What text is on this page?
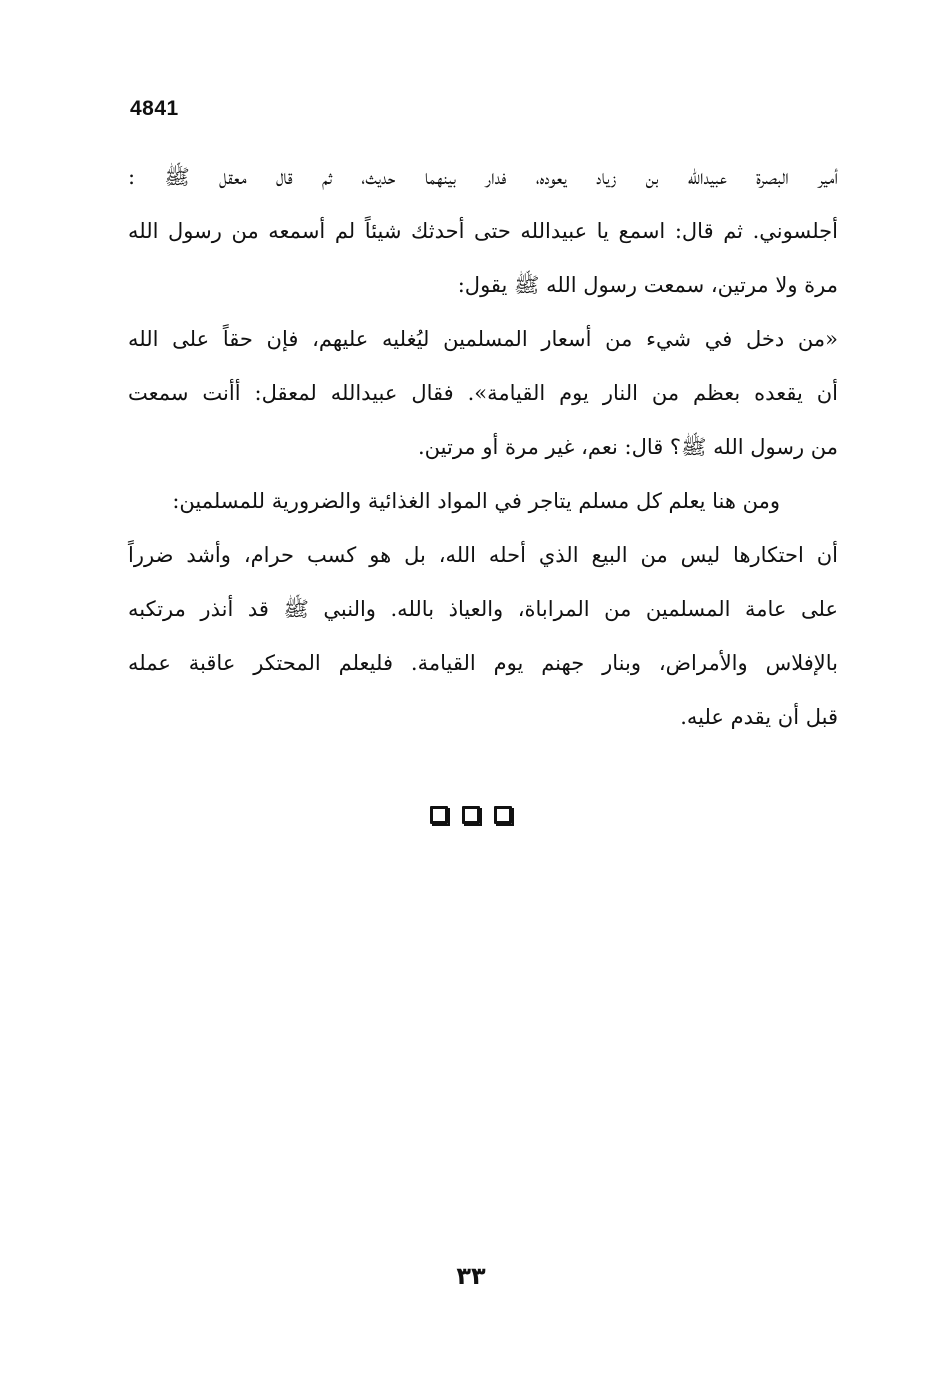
4841
أمير البصرة عبيدالله بن زياد يعوده، فدار بينهما حديث، ثم قال معقل ﷺ :
أجلسوني. ثم قال: اسمع يا عبيدالله حتى أحدثك شيئاً لم أسمعه من رسول الله
مرة ولا مرتين، سمعت رسول الله ﷺ يقول:
«من دخل في شيء من أسعار المسلمين ليُغليه عليهم، فإن حقاً على الله
أن يقعده بعظم من النار يوم القيامة». فقال عبيدالله لمعقل: أأنت سمعت
من رسول الله ﷺ؟ قال: نعم، غير مرة أو مرتين.
ومن هنا يعلم كل مسلم يتاجر في المواد الغذائية والضرورية للمسلمين:
أن احتكارها ليس من البيع الذي أحله الله، بل هو كسب حرام، وأشد ضرراً
على عامة المسلمين من المراباة، والعياذ بالله. والنبي ﷺ قد أنذر مرتكبه
بالإفلاس والأمراض، وبنار جهنم يوم القيامة. فليعلم المحتكر عاقبة عمله
قبل أن يقدم عليه.
٣٣
